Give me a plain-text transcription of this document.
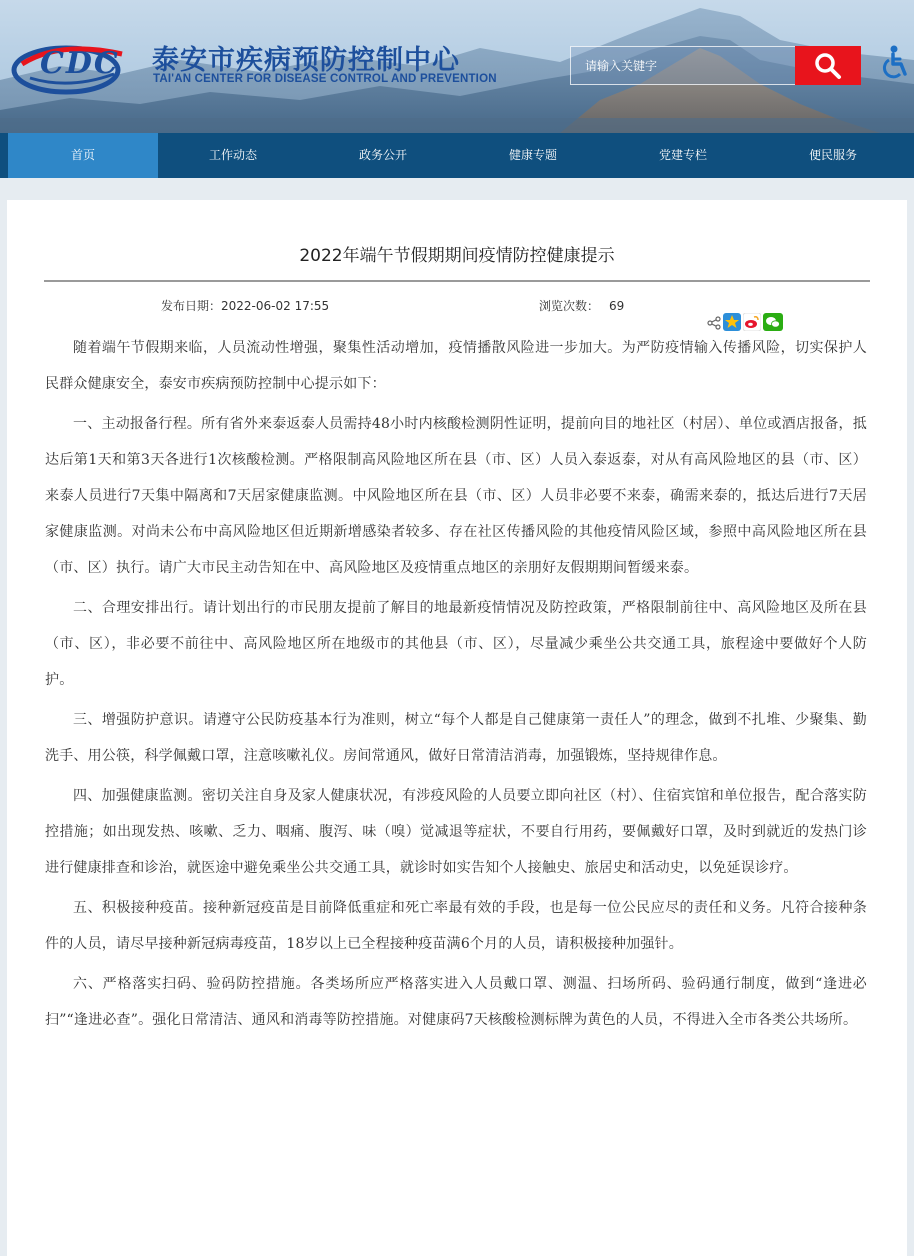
CDC 泰安市疾病预防控制中心
TAI'AN CENTER FOR DISEASE CONTROL AND PREVENTION
请输入关键字
首页	工作动态	政务公开	健康专题	党建专栏	便民服务
2022年端午节假期期间疫情防控健康提示
发布日期：2022-06-02 17:55	浏览次数： 69

随着端午节假期来临，人员流动性增强，聚集性活动增加，疫情播散风险进一步加大。为严防疫情输入传播风险，切实保护人民群众健康安全，泰安市疾病预防控制中心提示如下：

一、主动报备行程。所有省外来泰返泰人员需持48小时内核酸检测阴性证明，提前向目的地社区（村居）、单位或酒店报备，抵达后第1天和第3天各进行1次核酸检测。严格限制高风险地区所在县（市、区）人员入泰返泰，对从有高风险地区的县（市、区）来泰人员进行7天集中隔离和7天居家健康监测。中风险地区所在县（市、区）人员非必要不来泰，确需来泰的，抵达后进行7天居家健康监测。对尚未公布中高风险地区但近期新增感染者较多、存在社区传播风险的其他疫情风险区域，参照中高风险地区所在县（市、区）执行。请广大市民主动告知在中、高风险地区及疫情重点地区的亲朋好友假期期间暂缓来泰。

二、合理安排出行。请计划出行的市民朋友提前了解目的地最新疫情情况及防控政策，严格限制前往中、高风险地区及所在县（市、区），非必要不前往中、高风险地区所在地级市的其他县（市、区），尽量减少乘坐公共交通工具，旅程途中要做好个人防护。

三、增强防护意识。请遵守公民防疫基本行为准则，树立“每个人都是自己健康第一责任人”的理念，做到不扎堆、少聚集、勤洗手、用公筷，科学佩戴口罩，注意咳嗽礼仪。房间常通风，做好日常清洁消毒，加强锻炼，坚持规律作息。

四、加强健康监测。密切关注自身及家人健康状况，有涉疫风险的人员要立即向社区（村）、住宿宾馆和单位报告，配合落实防控措施；如出现发热、咳嗽、乏力、咽痛、腹泻、味（嗅）觉减退等症状，不要自行用药，要佩戴好口罩，及时到就近的发热门诊进行健康排查和诊治，就医途中避免乘坐公共交通工具，就诊时如实告知个人接触史、旅居史和活动史，以免延误诊疗。

五、积极接种疫苗。接种新冠疫苗是目前降低重症和死亡率最有效的手段，也是每一位公民应尽的责任和义务。凡符合接种条件的人员，请尽早接种新冠病毒疫苗，18岁以上已全程接种疫苗满6个月的人员，请积极接种加强针。

六、严格落实扫码、验码防控措施。各类场所应严格落实进入人员戴口罩、测温、扫场所码、验码通行制度，做到“逢进必扫”“逢进必查”。强化日常清洁、通风和消毒等防控措施。对健康码7天核酸检测标牌为黄色的人员，不得进入全市各类公共场所。
